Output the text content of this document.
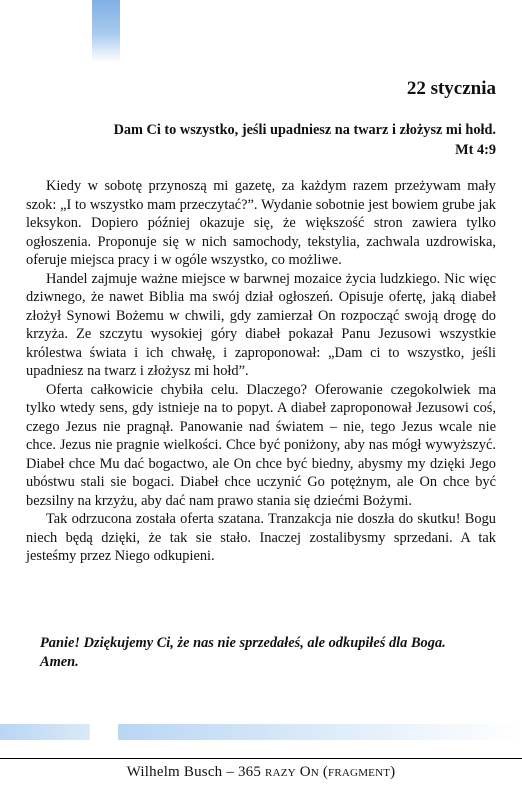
22 stycznia
Dam Ci to wszystko, jeśli upadniesz na twarz i złożysz mi hołd.
Mt 4:9

Kiedy w sobotę przynoszą mi gazetę, za każdym razem przeżywam mały szok: „I to wszystko mam przeczytać?”. Wydanie sobotnie jest bowiem grube jak leksykon. Dopiero później okazuje się, że większość stron zawiera tylko ogłoszenia. Proponuje się w nich samochody, tekstylia, zachwala uzdrowiska, oferuje miejsca pracy i w ogóle wszystko, co możliwe.

Handel zajmuje ważne miejsce w barwnej mozaice życia ludzkiego. Nic więc dziwnego, że nawet Biblia ma swój dział ogłoszeń. Opisuje ofertę, jaką diabeł złożył Synowi Bożemu w chwili, gdy zamierzał On rozpocząć swoją drogę do krzyża. Ze szczytu wysokiej góry diabeł pokazał Panu Jezusowi wszystkie królestwa świata i ich chwałę, i zaproponował: „Dam ci to wszystko, jeśli upadniesz na twarz i złożysz mi hołd”.

Oferta całkowicie chybiła celu. Dlaczego? Oferowanie czegokolwiek ma tylko wtedy sens, gdy istnieje na to popyt. A diabeł zaproponował Jezusowi coś, czego Jezus nie pragnął. Panowanie nad światem – nie, tego Jezus wcale nie chce. Jezus nie pragnie wielkości. Chce być poniżony, aby nas mógł wywyższyć. Diabeł chce Mu dać bogactwo, ale On chce być biedny, abysmy my dzięki Jego ubóstwu stali sie bogaci. Diabeł chce uczynić Go potężnym, ale On chce być bezsilny na krzyżu, aby dać nam prawo stania się dziećmi Bożymi.

Tak odrzucona została oferta szatana. Tranzakcja nie doszła do skutku! Bogu niech będą dzięki, że tak sie stało. Inaczej zostalibysmy sprzedani. A tak jesteśmy przez Niego odkupieni.

Panie! Dziękujemy Ci, że nas nie sprzedałeś, ale odkupiłeś dla Boga. Amen.
Wilhelm Busch – 365 razy On (fragment)
